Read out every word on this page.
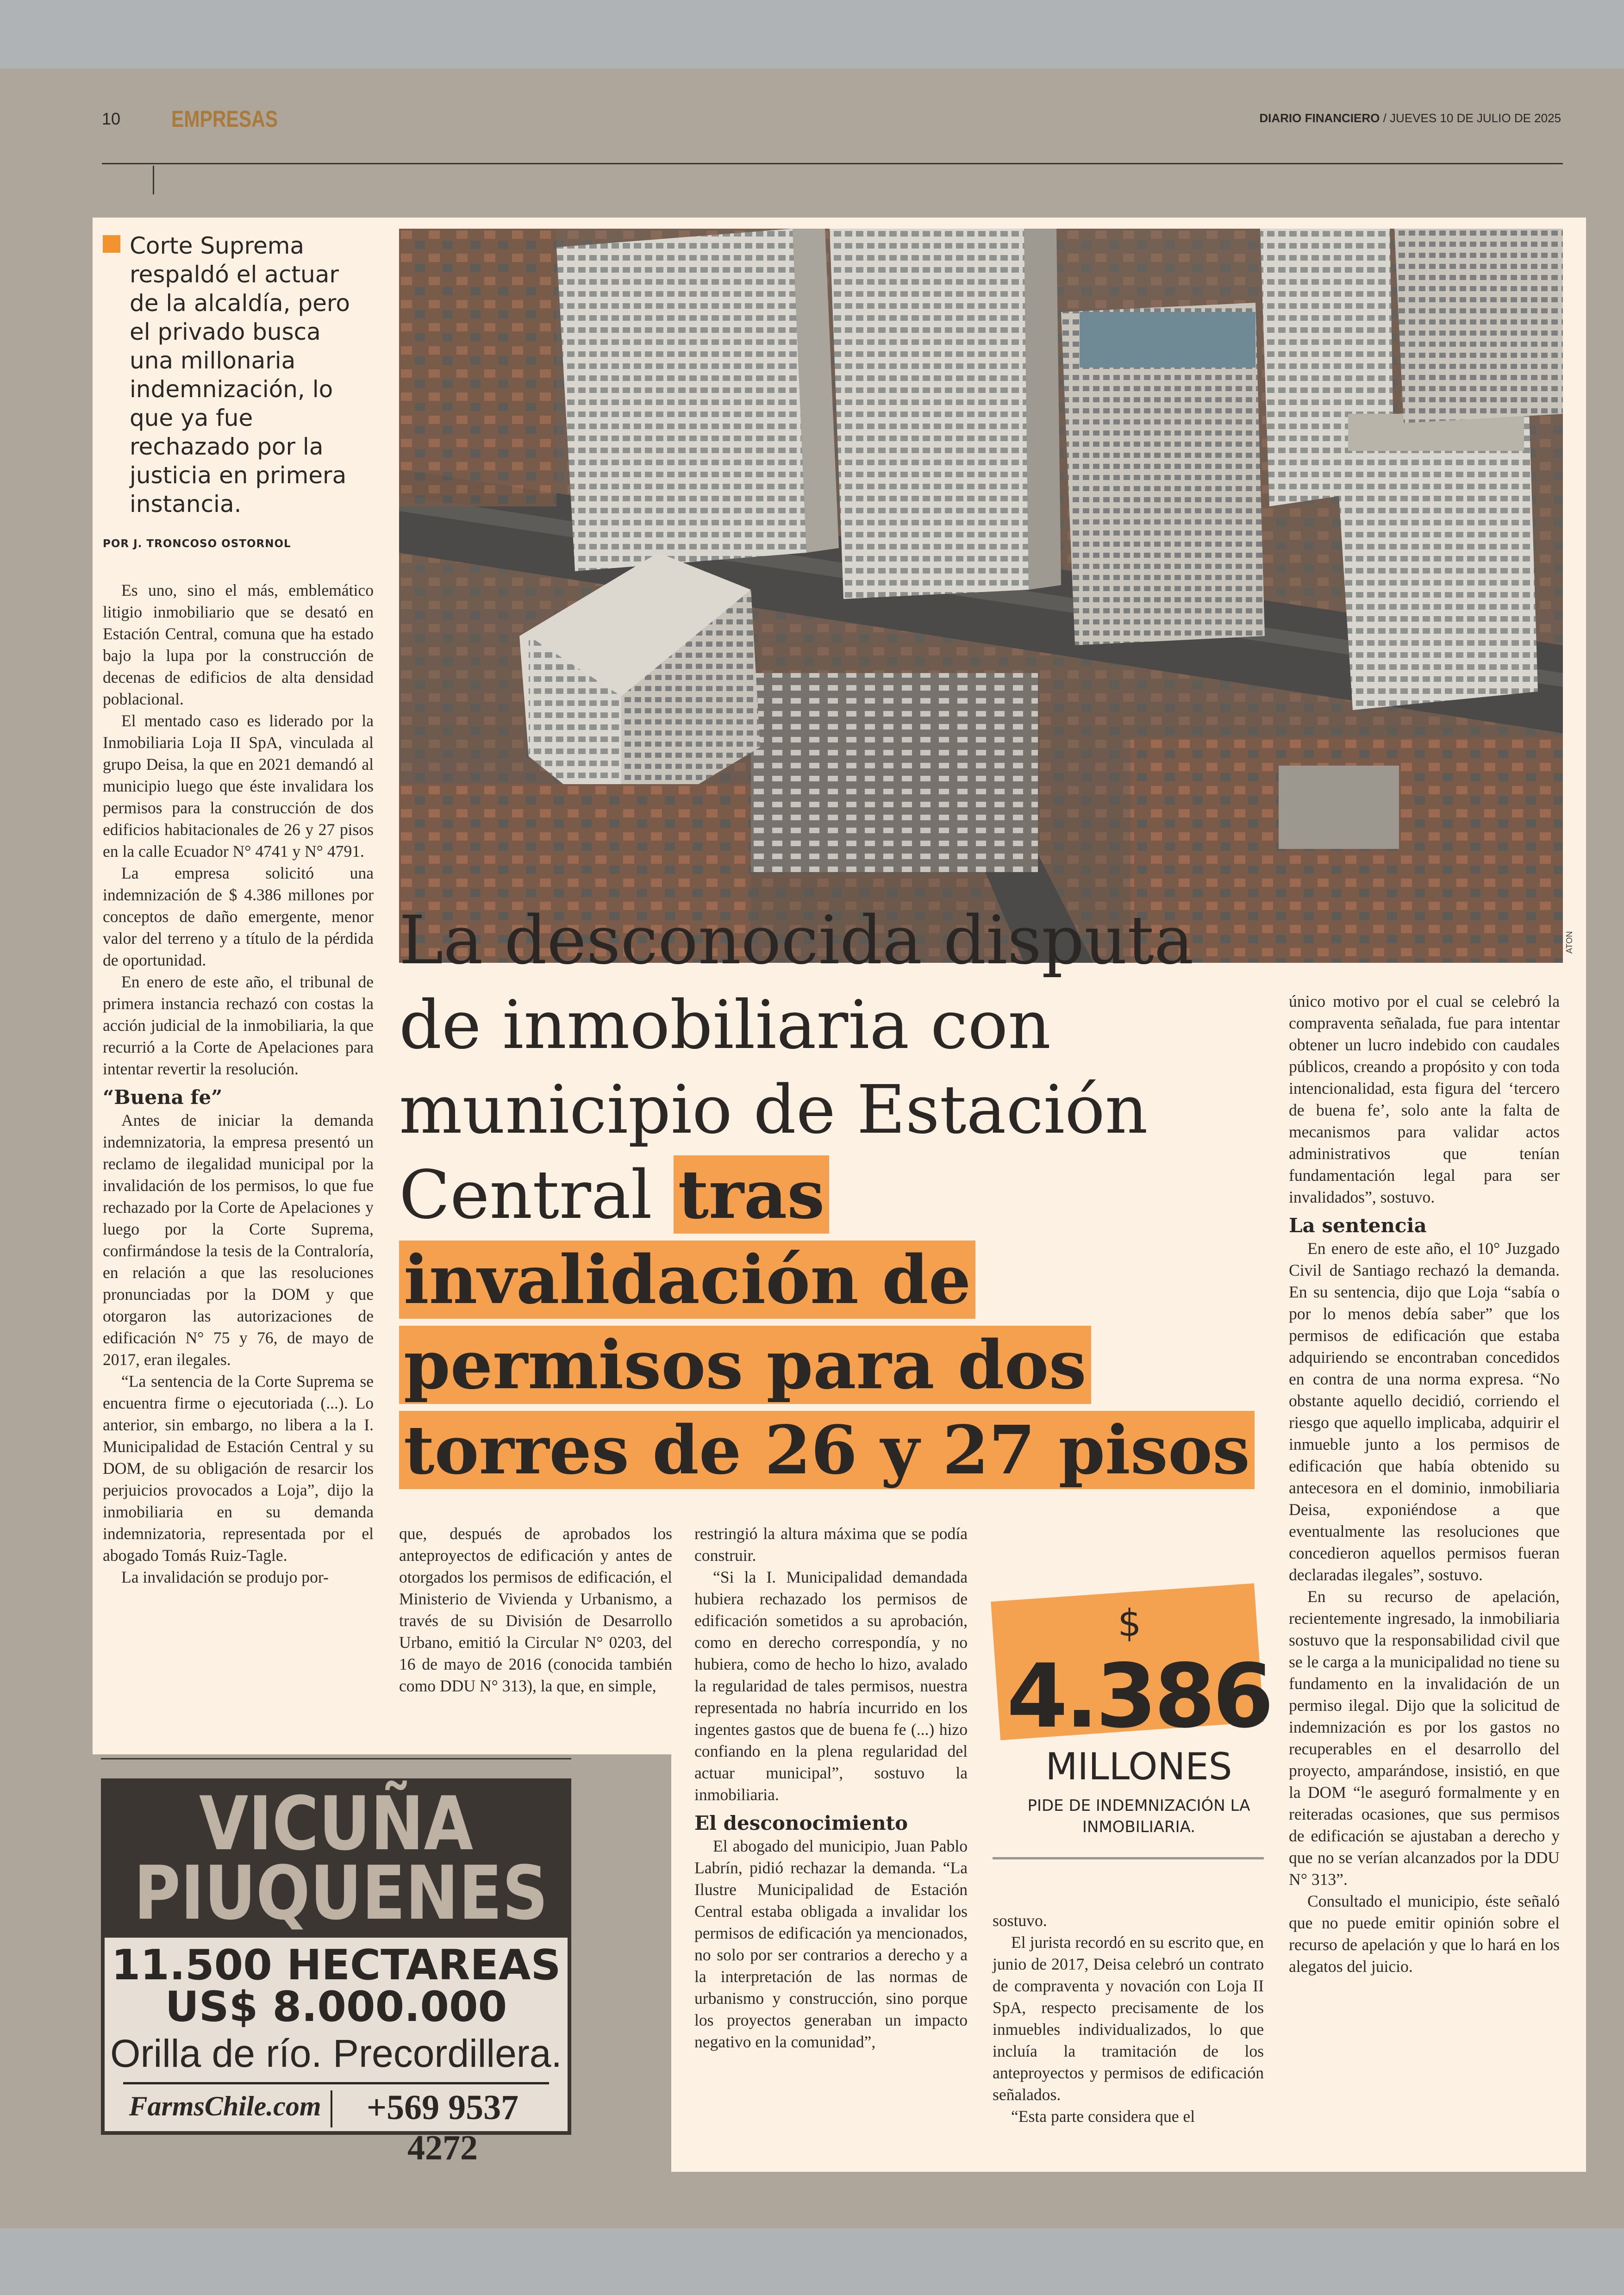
10 EMPRESAS	DIARIO FINANCIERO / JUEVES 10 DE JULIO DE 2025
Corte Suprema respaldó el actuar de la alcaldía, pero el privado busca una millonaria indemnización, lo que ya fue rechazado por la justicia en primera instancia.
POR J. TRONCOSO OSTORNOL
ATON
La desconocida disputa de inmobiliaria con municipio de Estación Central tras invalidación de permisos para dos torres de 26 y 27 pisos

Es uno, sino el más, emblemático litigio inmobiliario que se desató en Estación Central, comuna que ha estado bajo la lupa por la construcción de decenas de edificios de alta densidad poblacional.

El mentado caso es liderado por la Inmobiliaria Loja II SpA, vinculada al grupo Deisa, la que en 2021 demandó al municipio luego que éste invalidara los permisos para la construcción de dos edificios habitacionales de 26 y 27 pisos en la calle Ecuador N° 4741 y N° 4791.

La empresa solicitó una indemnización de $ 4.386 millones por conceptos de daño emergente, menor valor del terreno y a título de la pérdida de oportunidad.

En enero de este año, el tribunal de primera instancia rechazó con costas la acción judicial de la inmobiliaria, la que recurrió a la Corte de Apelaciones para intentar revertir la resolución.

“Buena fe”

Antes de iniciar la demanda indemnizatoria, la empresa presentó un reclamo de ilegalidad municipal por la invalidación de los permisos, lo que fue rechazado por la Corte de Apelaciones y luego por la Corte Suprema, confirmándose la tesis de la Contraloría, en relación a que las resoluciones pronunciadas por la DOM y que otorgaron las autorizaciones de edificación N° 75 y 76, de mayo de 2017, eran ilegales.

“La sentencia de la Corte Suprema se encuentra firme o ejecutoriada (...). Lo anterior, sin embargo, no libera a la I. Municipalidad de Estación Central y su DOM, de su obligación de resarcir los perjuicios provocados a Loja”, dijo la inmobiliaria en su demanda indemnizatoria, representada por el abogado Tomás Ruiz-Tagle.

La invalidación se produjo por-

que, después de aprobados los anteproyectos de edificación y antes de otorgados los permisos de edificación, el Ministerio de Vivienda y Urbanismo, a través de su División de Desarrollo Urbano, emitió la Circular N° 0203, del 16 de mayo de 2016 (conocida también como DDU N° 313), la que, en simple,

restringió la altura máxima que se podía construir.

“Si la I. Municipalidad demandada hubiera rechazado los permisos de edificación sometidos a su aprobación, como en derecho correspondía, y no hubiera, como de hecho lo hizo, avalado la regularidad de tales permisos, nuestra representada no habría incurrido en los ingentes gastos que de buena fe (...) hizo confiando en la plena regularidad del actuar municipal”, sostuvo la inmobiliaria.

El desconocimiento

El abogado del municipio, Juan Pablo Labrín, pidió rechazar la demanda. “La Ilustre Municipalidad de Estación Central estaba obligada a invalidar los permisos de edificación ya mencionados, no solo por ser contrarios a derecho y a la interpretación de las normas de urbanismo y construcción, sino porque los proyectos generaban un impacto negativo en la comunidad”,

$
4.386
MILLONES
PIDE DE INDEMNIZACIÓN LA INMOBILIARIA.

sostuvo.

El jurista recordó en su escrito que, en junio de 2017, Deisa celebró un contrato de compraventa y novación con Loja II SpA, respecto precisamente de los inmuebles individualizados, lo que incluía la tramitación de los anteproyectos y permisos de edificación señalados.

“Esta parte considera que el

único motivo por el cual se celebró la compraventa señalada, fue para intentar obtener un lucro indebido con caudales públicos, creando a propósito y con toda intencionalidad, esta figura del ‘tercero de buena fe’, solo ante la falta de mecanismos para validar actos administrativos que tenían fundamentación legal para ser invalidados”, sostuvo.

La sentencia

En enero de este año, el 10° Juzgado Civil de Santiago rechazó la demanda. En su sentencia, dijo que Loja “sabía o por lo menos debía saber” que los permisos de edificación que estaba adquiriendo se encontraban concedidos en contra de una norma expresa. “No obstante aquello decidió, corriendo el riesgo que aquello implicaba, adquirir el inmueble junto a los permisos de edificación que había obtenido su antecesora en el dominio, inmobiliaria Deisa, exponiéndose a que eventualmente las resoluciones que concedieron aquellos permisos fueran declaradas ilegales”, sostuvo.

En su recurso de apelación, recientemente ingresado, la inmobiliaria sostuvo que la responsabilidad civil que se le carga a la municipalidad no tiene su fundamento en la invalidación de un permiso ilegal. Dijo que la solicitud de indemnización es por los gastos no recuperables en el desarrollo del proyecto, amparándose, insistió, en que la DOM “le aseguró formalmente y en reiteradas ocasiones, que sus permisos de edificación se ajustaban a derecho y que no se verían alcanzados por la DDU N° 313”.

Consultado el municipio, éste señaló que no puede emitir opinión sobre el recurso de apelación y que lo hará en los alegatos del juicio.

VICUÑA
PIUQUENES
11.500 HECTAREAS
US$ 8.000.000
Orilla de río. Precordillera.
FarmsChile.com	+569 9537 4272
